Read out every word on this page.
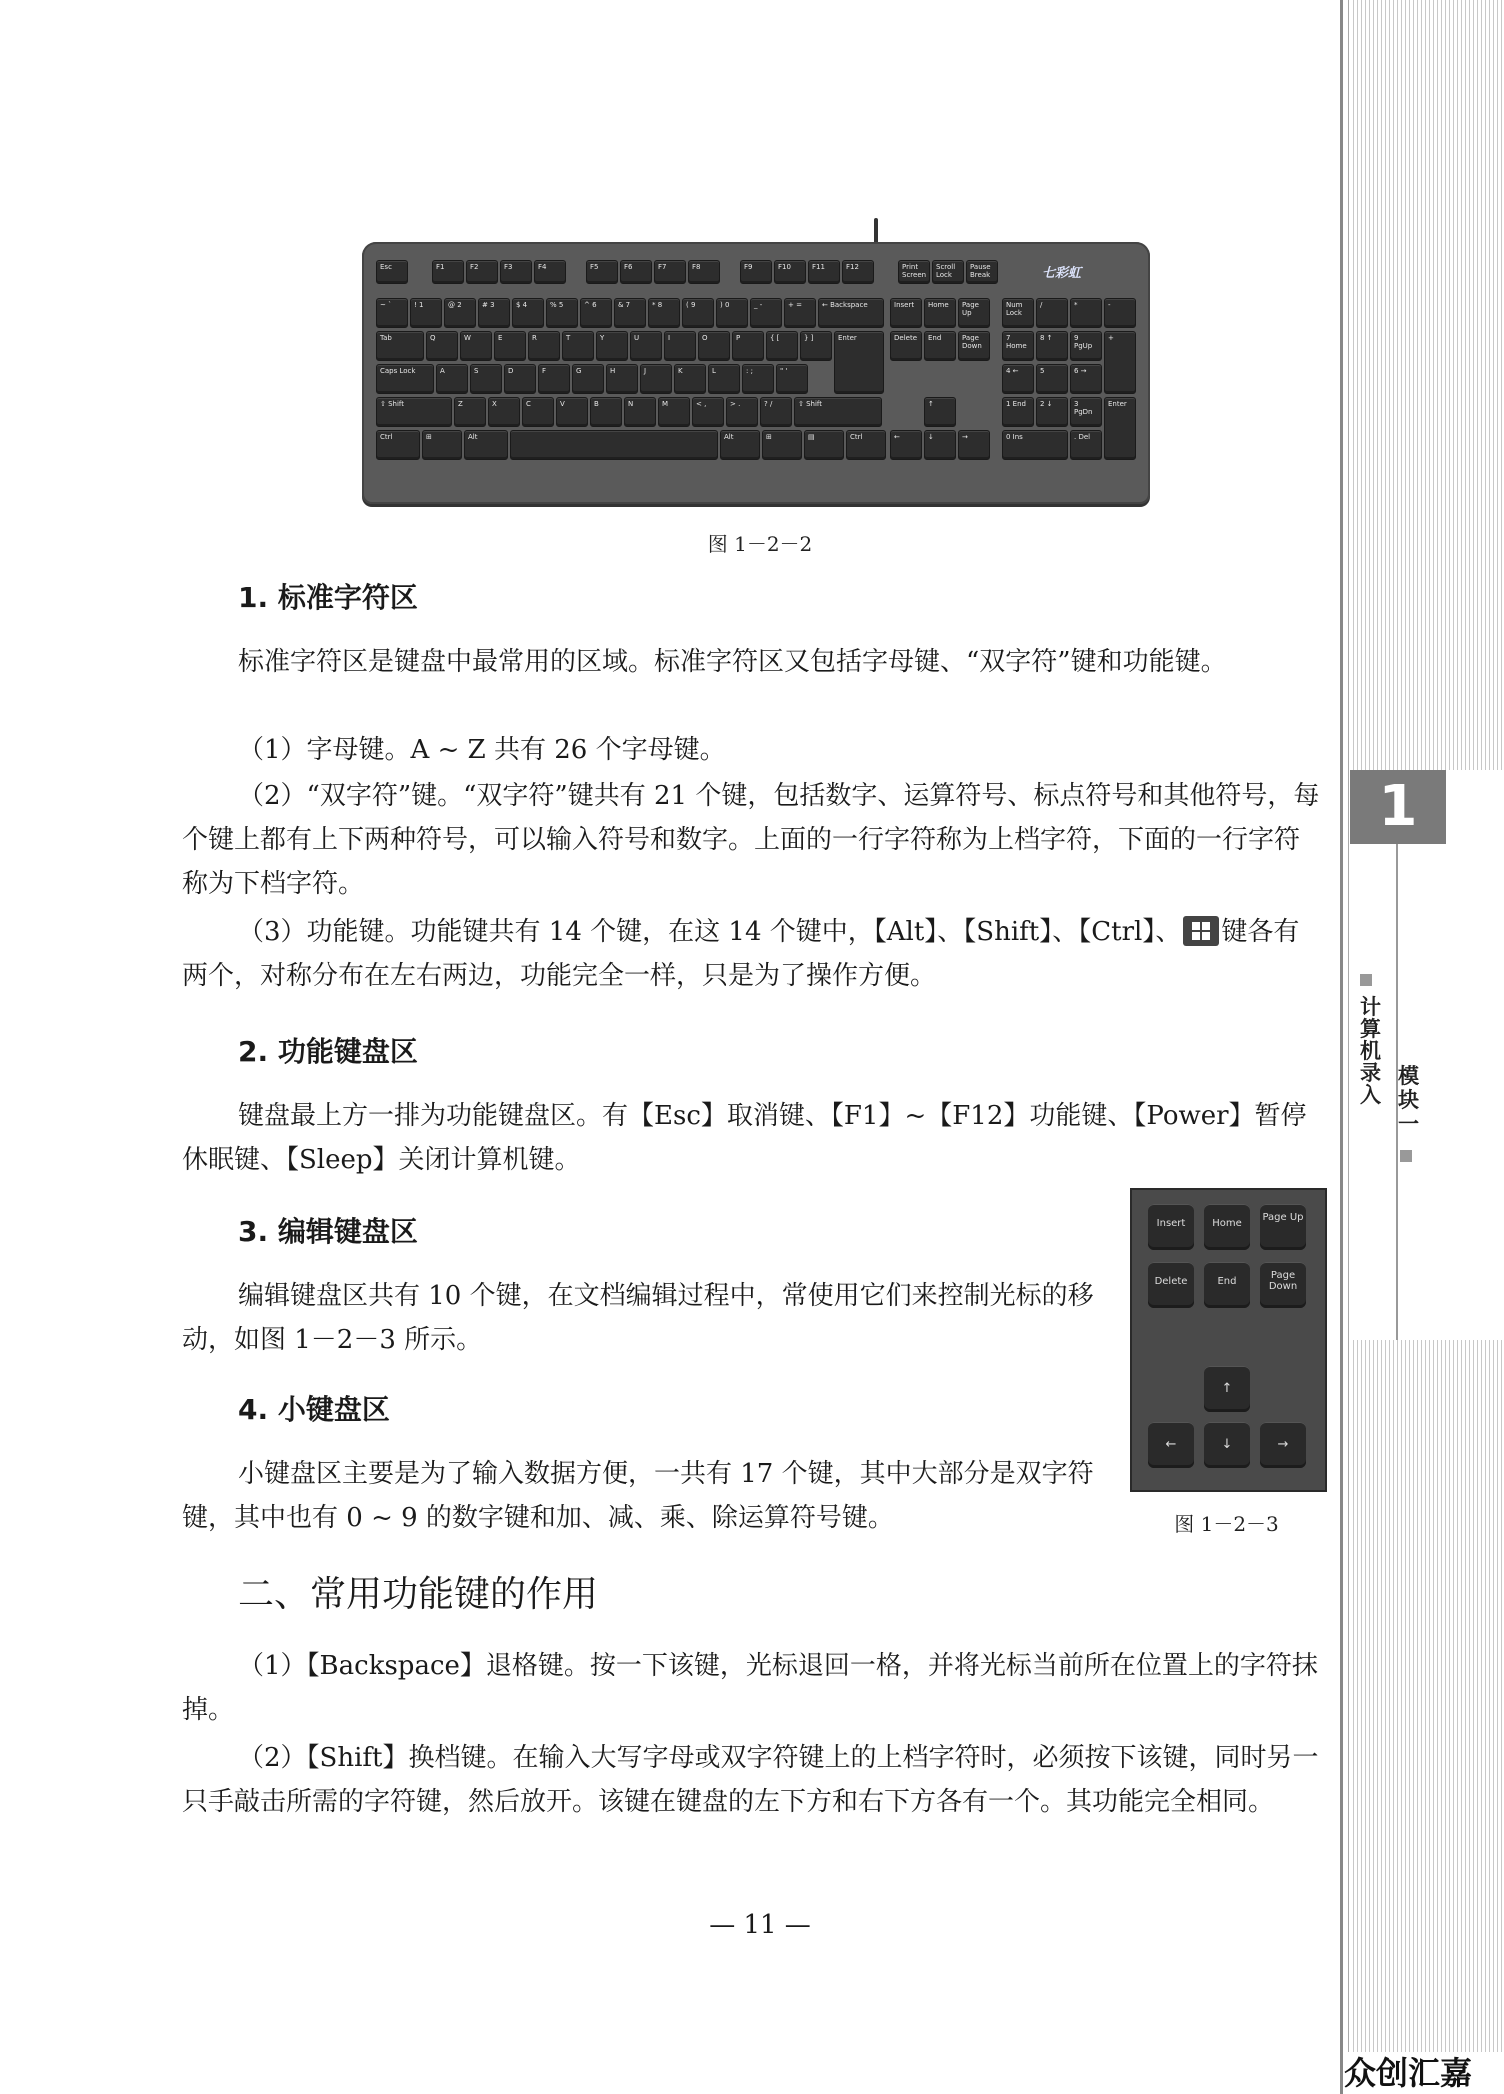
七彩虹
Esc	F1	F2	F3	F4	F5	F6	F7	F8	F9	F10	F11	F12	Print Screen
Scroll Lock
Pause Break
~ `	! 1	@ 2	# 3	$ 4	% 5	^ 6	& 7	* 8	( 9	) 0	_ -	+ =	← Backspace
Tab	Q	W	E	R	T	Y	U	I	O	P	{ [	} ]	Enter
Caps Lock	A	S	D	F	G	H	J	K	L	: ;	" '
⇧ Shift	Z	X	C	V	B	N	M	< ,	> .	? /	⇧ Shift
Ctrl	⊞	Alt	Alt	⊞	▤	Ctrl
Insert	Home	Page Up
Delete	End	Page Down
↑
←	↓	→
Num Lock
/	*	-
7 Home
8 ↑	9 PgUp
+
4 ←	5	6 →
1 End	2 ↓	3 PgDn
Enter
0 Ins	. Del
图 1－2－2
1. 标准字符区

标准字符区是键盘中最常用的区域。标准字符区又包括字母键、“双字符”键和功能键。

（1）字母键。A ~ Z 共有 26 个字母键。

（2）“双字符”键。“双字符”键共有 21 个键，包括数字、运算符号、标点符号和其他符号，每个键上都有上下两种符号，可以输入符号和数字。上面的一行字符称为上档字符，下面的一行字符称为下档字符。

（3）功能键。功能键共有 14 个键，在这 14 个键中，【Alt】、【Shift】、【Ctrl】、 键各有两个，对称分布在左右两边，功能完全一样，只是为了操作方便。

2. 功能键盘区

键盘最上方一排为功能键盘区。有【Esc】取消键、【F1】~【F12】功能键、【Power】暂停休眠键、【Sleep】关闭计算机键。

3. 编辑键盘区

编辑键盘区共有 10 个键，在文档编辑过程中，常使用它们来控制光标的移动，如图 1－2－3 所示。

4. 小键盘区

小键盘区主要是为了输入数据方便，一共有 17 个键，其中大部分是双字符键，其中也有 0 ~ 9 的数字键和加、减、乘、除运算符号键。

Insert	Home
Page Up
Delete	End
Page Down
↑
←	↓	→
图 1－2－3
二、常用功能键的作用

（1）【Backspace】退格键。按一下该键，光标退回一格，并将光标当前所在位置上的字符抹掉。

（2）【Shift】换档键。在输入大写字母或双字符键上的上档字符时，必须按下该键，同时另一只手敲击所需的字符键，然后放开。该键在键盘的左下方和右下方各有一个。其功能完全相同。

— 11 —
1
计算机录入
模块一
众创汇嘉
